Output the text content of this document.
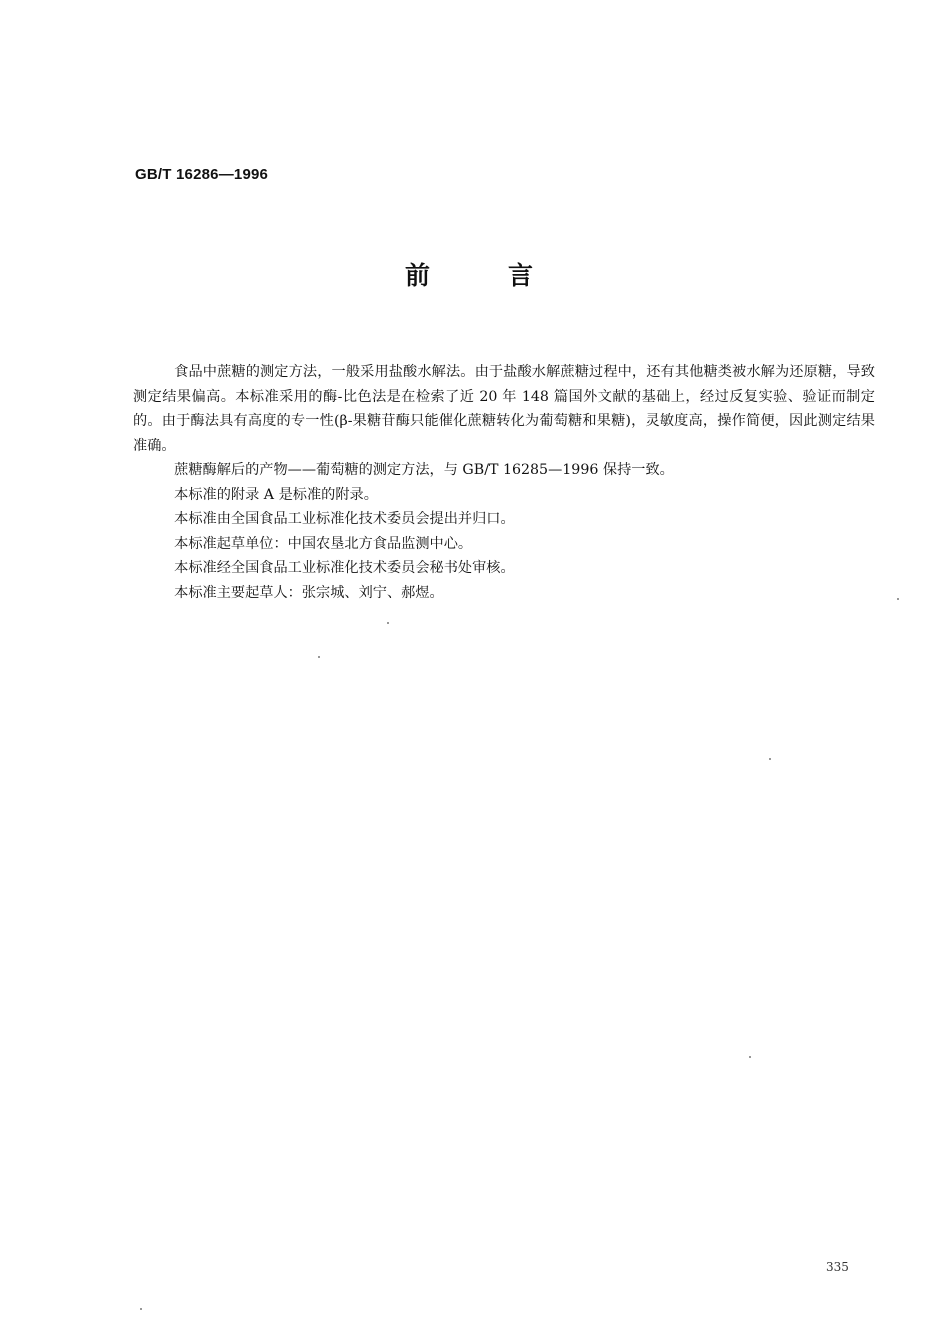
GB/T 16286—1996
前言

食品中蔗糖的测定方法，一般采用盐酸水解法。由于盐酸水解蔗糖过程中，还有其他糖类被水解为还原糖，导致测定结果偏高。本标准采用的酶-比色法是在检索了近 20 年 148 篇国外文献的基础上，经过反复实验、验证而制定的。由于酶法具有高度的专一性(β-果糖苷酶只能催化蔗糖转化为葡萄糖和果糖)，灵敏度高，操作简便，因此测定结果准确。

蔗糖酶解后的产物——葡萄糖的测定方法，与 GB/T 16285—1996 保持一致。

本标准的附录 A 是标准的附录。

本标准由全国食品工业标准化技术委员会提出并归口。

本标准起草单位：中国农垦北方食品监测中心。

本标准经全国食品工业标准化技术委员会秘书处审核。

本标准主要起草人：张宗城、刘宁、郝煜。

335
